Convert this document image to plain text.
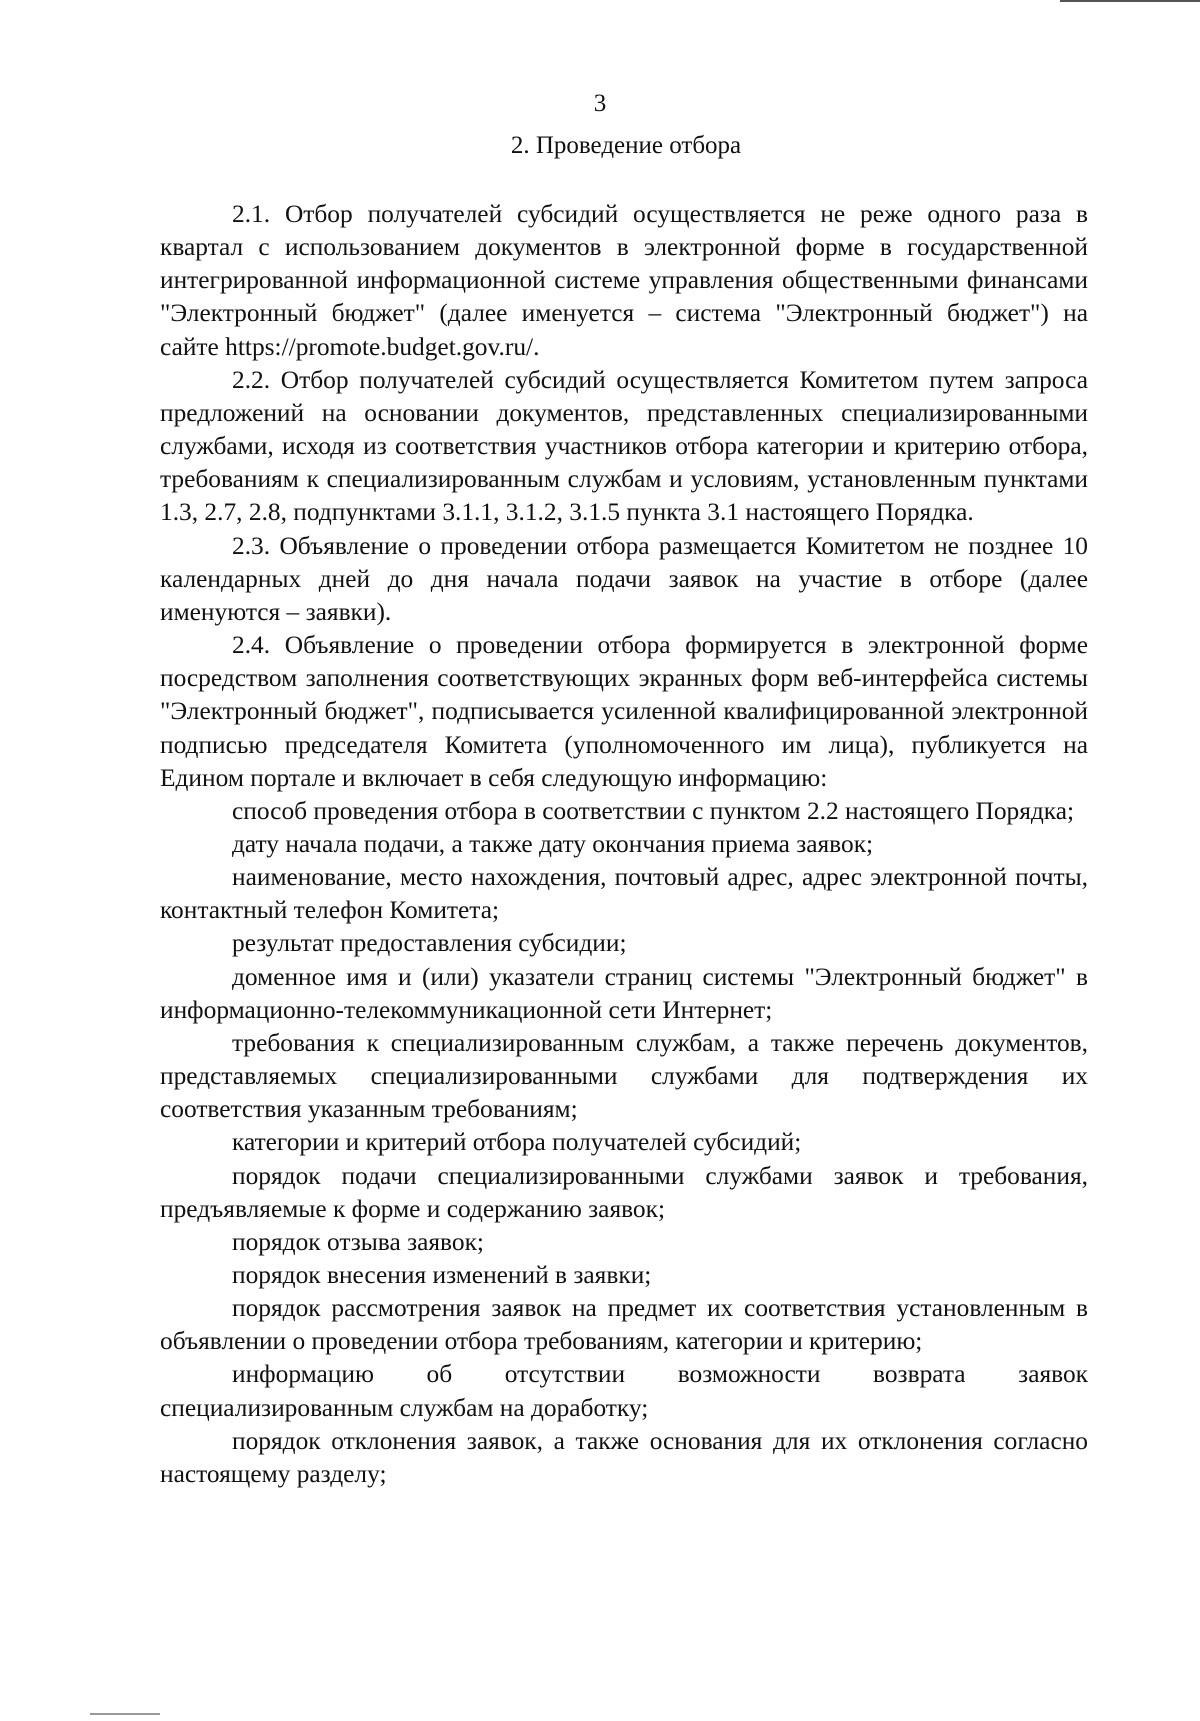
3
2. Проведение отбора

2.1. Отбор получателей субсидий осуществляется не реже одного раза в квартал с использованием документов в электронной форме в государственной интегрированной информационной системе управления общественными финансами "Электронный бюджет" (далее именуется – система "Электронный бюджет") на сайте https://promote.budget.gov.ru/.

2.2. Отбор получателей субсидий осуществляется Комитетом путем запроса предложений на основании документов, представленных специализированными службами, исходя из соответствия участников отбора категории и критерию отбора, требованиям к специализированным службам и условиям, установленным пунктами 1.3, 2.7, 2.8, подпунктами 3.1.1, 3.1.2, 3.1.5 пункта 3.1 настоящего Порядка.

2.3. Объявление о проведении отбора размещается Комитетом не позднее 10 календарных дней до дня начала подачи заявок на участие в отборе (далее именуются – заявки).

2.4. Объявление о проведении отбора формируется в электронной форме посредством заполнения соответствующих экранных форм веб-интерфейса системы "Электронный бюджет", подписывается усиленной квалифицированной электронной подписью председателя Комитета (уполномоченного им лица), публикуется на Едином портале и включает в себя следующую информацию:

способ проведения отбора в соответствии с пунктом 2.2 настоящего Порядка;

дату начала подачи, а также дату окончания приема заявок;

наименование, место нахождения, почтовый адрес, адрес электронной почты, контактный телефон Комитета;

результат предоставления субсидии;

доменное имя и (или) указатели страниц системы "Электронный бюджет" в информационно-телекоммуникационной сети Интернет;

требования к специализированным службам, а также перечень документов, представляемых специализированными службами для подтверждения их соответствия указанным требованиям;

категории и критерий отбора получателей субсидий;

порядок подачи специализированными службами заявок и требования, предъявляемые к форме и содержанию заявок;

порядок отзыва заявок;

порядок внесения изменений в заявки;

порядок рассмотрения заявок на предмет их соответствия установленным в объявлении о проведении отбора требованиям, категории и критерию;

информацию об отсутствии возможности возврата заявок специализированным службам на доработку;

порядок отклонения заявок, а также основания для их отклонения согласно настоящему разделу;
